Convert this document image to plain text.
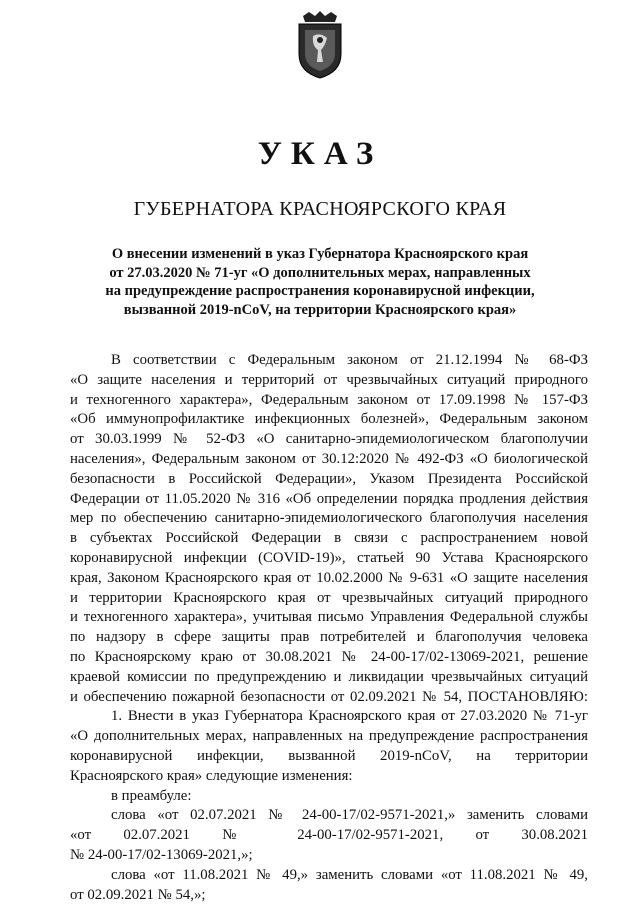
УКАЗ
ГУБЕРНАТОРА КРАСНОЯРСКОГО КРАЯ
О внесении изменений в указ Губернатора Красноярского края
от 27.03.2020 № 71-уг «О дополнительных мерах, направленных
на предупреждение распространения коронавирусной инфекции,
вызванной 2019-nCoV, на территории Красноярского края»
В соответствии с Федеральным законом от 21.12.1994 № 68-ФЗ
«О защите населения и территорий от чрезвычайных ситуаций природного
и техногенного характера», Федеральным законом от 17.09.1998 № 157-ФЗ
«Об иммунопрофилактике инфекционных болезней», Федеральным законом
от 30.03.1999 № 52-ФЗ «О санитарно-эпидемиологическом благополучии
населения», Федеральным законом от 30.12:2020 № 492-ФЗ «О биологической
безопасности в Российской Федерации», Указом Президента Российской
Федерации от 11.05.2020 № 316 «Об определении порядка продления действия
мер по обеспечению санитарно-эпидемиологического благополучия населения
в субъектах Российской Федерации в связи с распространением новой
коронавирусной инфекции (COVID-19)», статьей 90 Устава Красноярского
края, Законом Красноярского края от 10.02.2000 № 9-631 «О защите населения
и территории Красноярского края от чрезвычайных ситуаций природного
и техногенного характера», учитывая письмо Управления Федеральной службы
по надзору в сфере защиты прав потребителей и благополучия человека
по Красноярскому краю от 30.08.2021 № 24-00-17/02-13069-2021, решение
краевой комиссии по предупреждению и ликвидации чрезвычайных ситуаций
и обеспечению пожарной безопасности от 02.09.2021 № 54, ПОСТАНОВЛЯЮ:
1. Внести в указ Губернатора Красноярского края от 27.03.2020 № 71-уг
«О дополнительных мерах, направленных на предупреждение распространения
коронавирусной инфекции, вызванной 2019-nCoV, на территории
Красноярского края» следующие изменения:
в преамбуле:
слова «от 02.07.2021 № 24-00-17/02-9571-2021,» заменить словами
«от 02.07.2021 № 24-00-17/02-9571-2021, от 30.08.2021
№ 24-00-17/02-13069-2021,»;
слова «от 11.08.2021 № 49,» заменить словами «от 11.08.2021 № 49,
от 02.09.2021 № 54,»;
